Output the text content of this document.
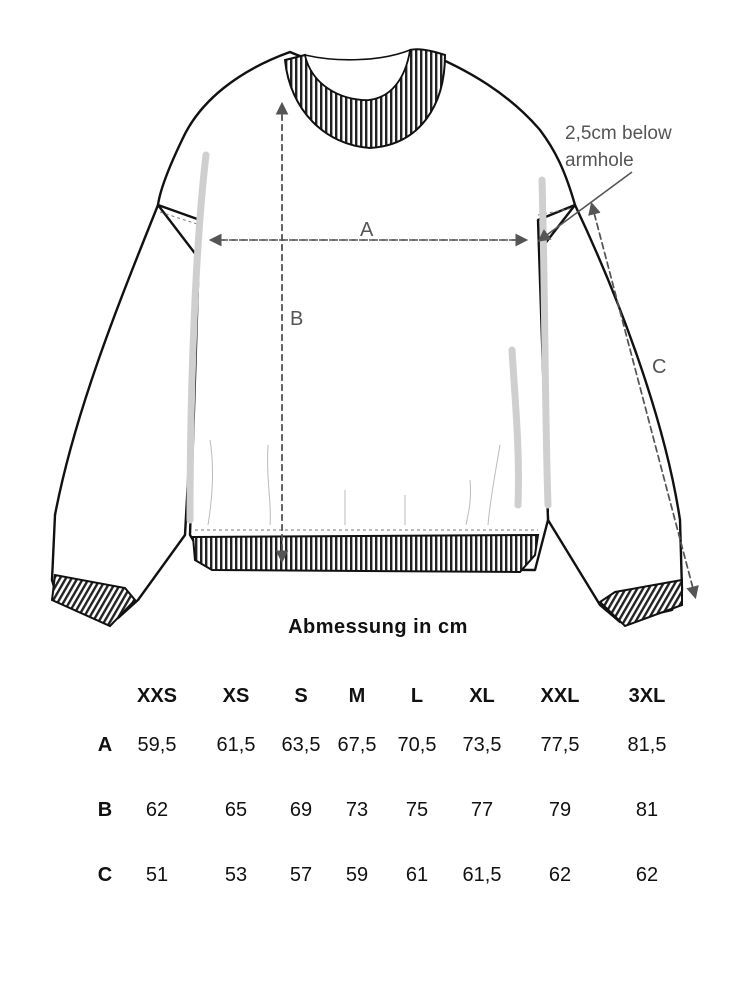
A
B
C
2,5cm below
armhole
Abmessung in cm
	XXS	XS	S	M	L	XL	XXL	3XL
A	59,5	61,5	63,5	67,5	70,5	73,5	77,5	81,5
B	62	65	69	73	75	77	79	81
C	51	53	57	59	61	61,5	62	62
